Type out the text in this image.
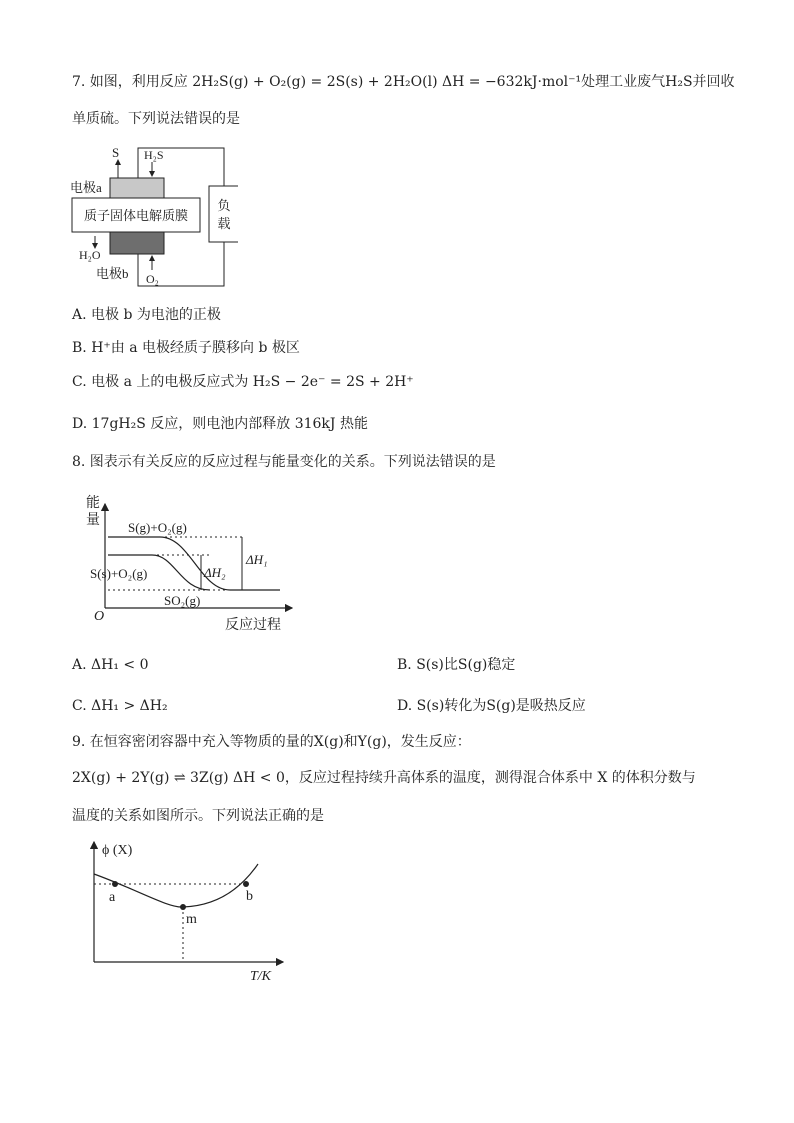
7. 如图，利用反应 2H₂S(g) + O₂(g) = 2S(s) + 2H₂O(l) ΔH = −632kJ·mol⁻¹处理工业废气H₂S并回收
单质硫。下列说法错误的是
S H₂S
电极a
质子固体电解质膜
H₂O
电极b O₂
负
载
A. 电极 b 为电池的正极
B. H⁺由 a 电极经质子膜移向 b 极区
C. 电极 a 上的电极反应式为 H₂S − 2e⁻ = 2S + 2H⁺
D. 17gH₂S 反应，则电池内部释放 316kJ 热能
8. 图表示有关反应的反应过程与能量变化的关系。下列说法错误的是
能
量 S(g)+O₂(g)
S(s)+O₂(g)
SO₂(g)
ΔH₁
ΔH₂
O
反应过程
A. ΔH₁ < 0	B. S(s)比S(g)稳定
C. ΔH₁ > ΔH₂	D. S(s)转化为S(g)是吸热反应
9. 在恒容密闭容器中充入等物质的量的X(g)和Y(g)，发生反应：
2X(g) + 2Y(g) ⇌ 3Z(g) ΔH < 0，反应过程持续升高体系的温度，测得混合体系中 X 的体积分数与
温度的关系如图所示。下列说法正确的是
ϕ (X)
T/K
a
m
b
